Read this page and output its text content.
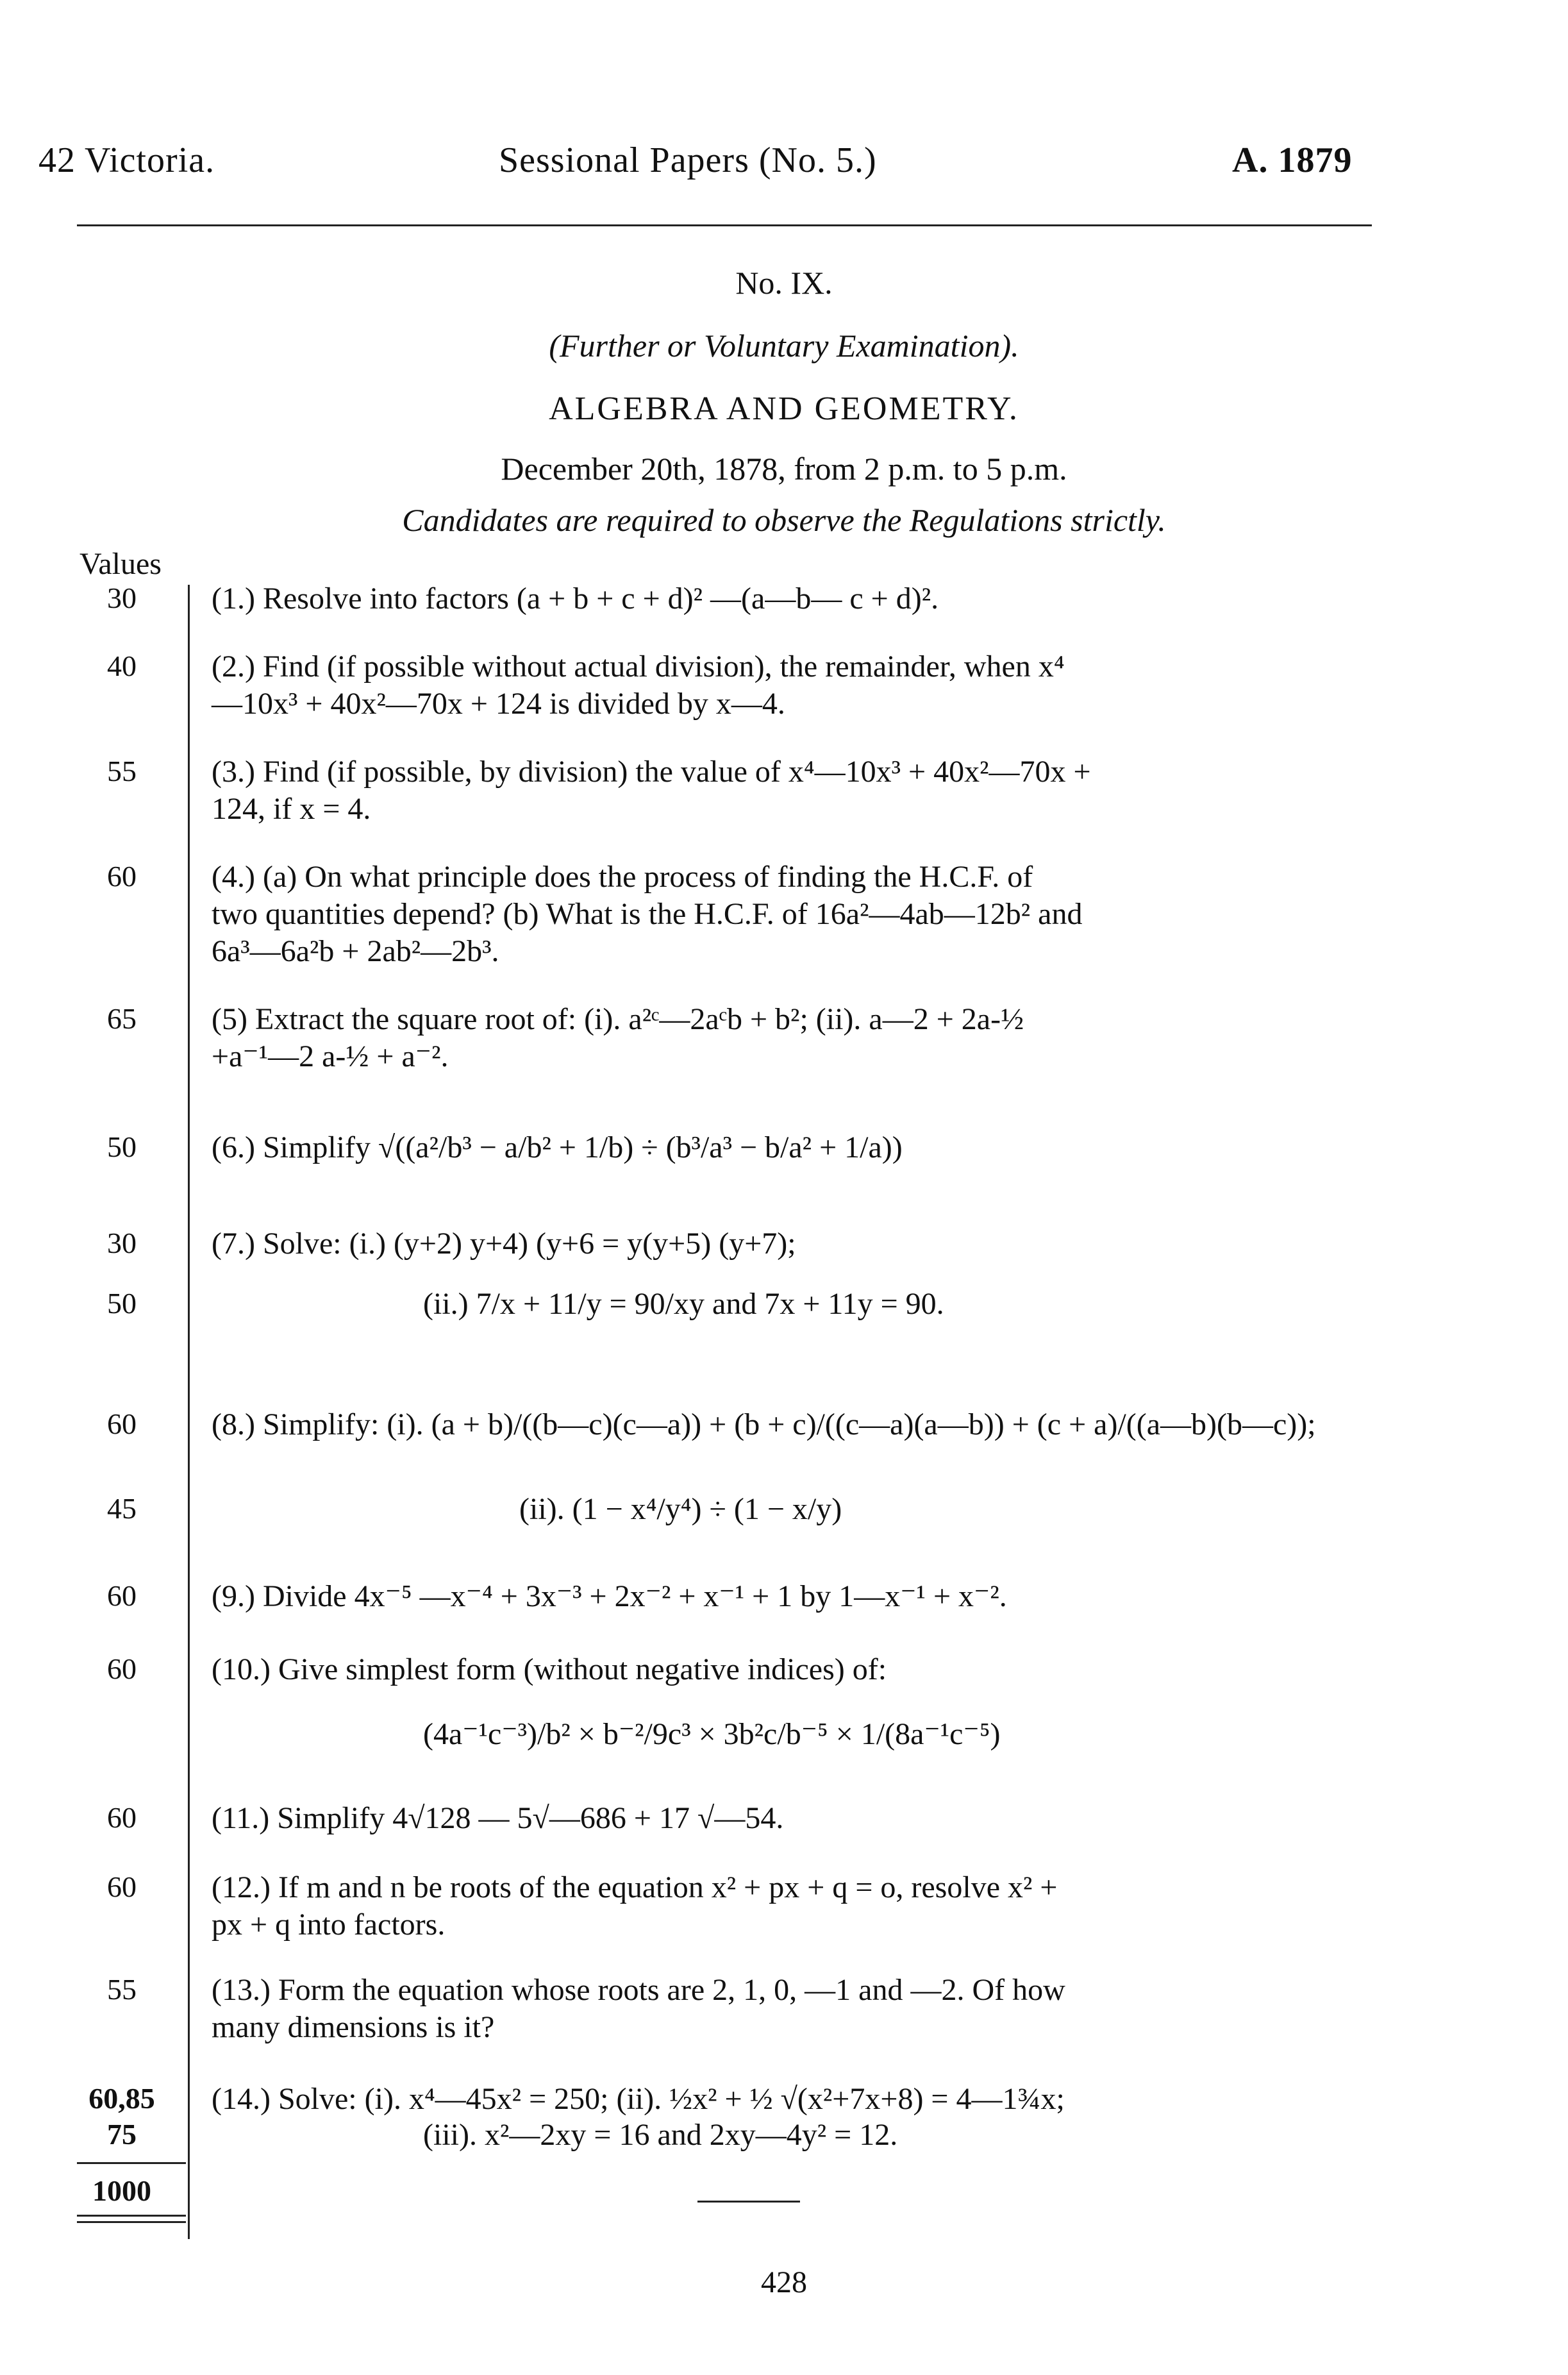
42 Victoria.	Sessional Papers (No. 5.)	A. 1879
No. IX.
(Further or Voluntary Examination).
ALGEBRA AND GEOMETRY.
December 20th, 1878, from 2 p.m. to 5 p.m.
Candidates are required to observe the Regulations strictly.
Values
30	(1.) Resolve into factors (a + b + c + d)² —(a—b— c + d)².
40	(2.) Find (if possible without actual division), the remainder, when x⁴
—10x³ + 40x²—70x + 124 is divided by x—4.
55	(3.) Find (if possible, by division) the value of x⁴—10x³ + 40x²—70x +
124, if x = 4.
60	(4.) (a) On what principle does the process of finding the H.C.F. of
two quantities depend? (b) What is the H.C.F. of 16a²—4ab—12b² and
6a³—6a²b + 2ab²—2b³.
65	(5) Extract the square root of: (i). a²ᶜ—2aᶜb + b²; (ii). a—2 + 2a-½
+a⁻¹—2 a-½ + a⁻².
50	(6.) Simplify √((a²/b³ − a/b² + 1/b) ÷ (b³/a³ − b/a² + 1/a))
30	(7.) Solve: (i.) (y+2) y+4) (y+6 = y(y+5) (y+7);
50	(ii.) 7/x + 11/y = 90/xy and 7x + 11y = 90.
60	(8.) Simplify: (i). (a + b)/((b—c)(c—a)) + (b + c)/((c—a)(a—b)) + (c + a)/((a—b)(b—c));
45	(ii). (1 − x⁴/y⁴) ÷ (1 − x/y)
60	(9.) Divide 4x⁻⁵ —x⁻⁴ + 3x⁻³ + 2x⁻² + x⁻¹ + 1 by 1—x⁻¹ + x⁻².
60	(10.) Give simplest form (without negative indices) of:
(4a⁻¹c⁻³)/b² × b⁻²/9c³ × 3b²c/b⁻⁵ × 1/(8a⁻¹c⁻⁵)
60	(11.) Simplify 4√128 — 5√—686 + 17 √—54.
60	(12.) If m and n be roots of the equation x² + px + q = o, resolve x² +
px + q into factors.
55	(13.) Form the equation whose roots are 2, 1, 0, —1 and —2. Of how
many dimensions is it?
60,85	(14.) Solve: (i). x⁴—45x² = 250; (ii). ½x² + ½ √(x²+7x+8) = 4—1¾x;
75	(iii). x²—2xy = 16 and 2xy—4y² = 12.
1000
428
